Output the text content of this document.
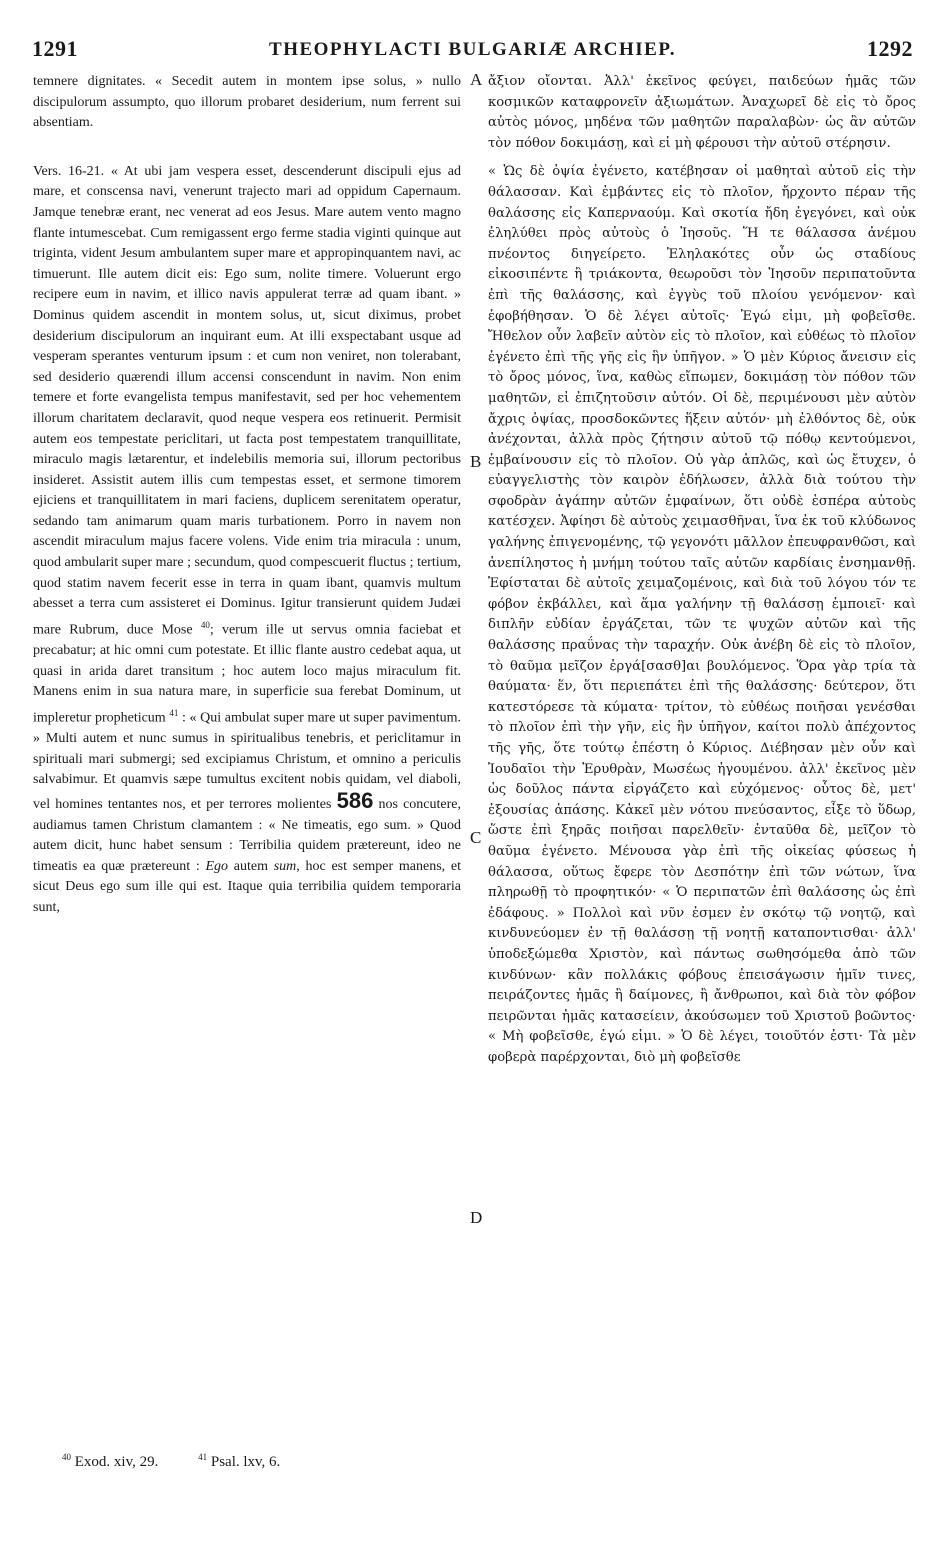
1291	THEOPHYLACTI BULGARIÆ ARCHIEP.	1292

temnere dignitates. « Secedit autem in montem ipse solus, » nullo discipulorum assumpto, quo illorum probaret desiderium, num ferrent sui absentiam.

Vers. 16-21. « At ubi jam vespera esset, descenderunt discipuli ejus ad mare, et conscensa navi, venerunt trajecto mari ad oppidum Capernaum. Jamque tenebræ erant, nec venerat ad eos Jesus. Mare autem vento magno flante intumescebat. Cum remigassent ergo ferme stadia viginti quinque aut triginta, vident Jesum ambulantem super mare et appropinquantem navi, ac timuerunt. Ille autem dicit eis: Ego sum, nolite timere. Voluerunt ergo recipere eum in navim, et illico navis appulerat terræ ad quam ibant. » Dominus quidem ascendit in montem solus, ut, sicut diximus, probet desiderium discipulorum an inquirant eum. At illi exspectabant usque ad vesperam sperantes venturum ipsum : et cum non veniret, non tolerabant, sed desiderio quærendi illum accensi conscendunt in navim. Non enim temere et forte evangelista tempus manifestavit, sed per hoc vehementem illorum charitatem declaravit, quod neque vespera eos retinuerit. Permisit autem eos tempestate periclitari, ut facta post tempestatem tranquillitate, miraculo magis lætarentur, et indelebilis memoria sui, illorum pectoribus insideret. Assistit autem illis cum tempestas esset, et sermone timorem ejiciens et tranquillitatem in mari faciens, duplicem serenitatem operatur, sedando tam animarum quam maris turbationem. Porro in navem non ascendit miraculum majus facere volens. Vide enim tria miracula : unum, quod ambularit super mare ; secundum, quod compescuerit fluctus ; tertium, quod statim navem fecerit esse in terra in quam ibant, quamvis multum abesset a terra cum assisteret ei Dominus. Igitur transierunt quidem Judæi mare Rubrum, duce Mose $^{40}$; verum ille ut servus omnia faciebat et precabatur; at hic omni cum potestate. Et illic flante austro cedebat aqua, ut quasi in arida daret transitum ; hoc autem loco majus miraculum fit. Manens enim in sua natura mare, in superficie sua ferebat Dominum, ut impleretur propheticum $^{41}$ : « Qui ambulat super mare ut super pavimentum. » Multi autem et nunc sumus in spiritualibus tenebris, et periclitamur in spirituali mari submergi; sed excipiamus Christum, et omnino a periculis salvabimur. Et quamvis sæpe tumultus excitent nobis quidam, vel diaboli, vel homines tentantes nos, et per terrores molientes 586 nos concutere, audiamus tamen Christum clamantem : « Ne timeatis, ego sum. » Quod autem dicit, hunc habet sensum : Terribilia quidem prætereunt, ideo ne timeatis ea quæ prætereunt : Ego autem sum, hoc est semper manens, et sicut Deus ego sum ille qui est. Itaque quia terribilia quidem temporaria sunt,

A
B
C
D

ἄξιον οἴονται. Ἀλλ' ἐκεῖνος φεύγει, παιδεύων ἡμᾶς τῶν κοσμικῶν καταφρονεῖν ἀξιωμάτων. Ἀναχωρεῖ δὲ εἰς τὸ ὄρος αὐτὸς μόνος, μηδένα τῶν μαθητῶν παραλαβὼν· ὡς ἂν αὐτῶν τὸν πόθον δοκιμάσῃ, καὶ εἰ μὴ φέρουσι τὴν αὐτοῦ στέρησιν.

« Ὡς δὲ ὀψία ἐγένετο, κατέβησαν οἱ μαθηταὶ αὐτοῦ εἰς τὴν θάλασσαν. Καὶ ἐμβάντες εἰς τὸ πλοῖον, ἤρχοντο πέραν τῆς θαλάσσης εἰς Καπερναούμ. Καὶ σκοτία ἤδη ἐγεγόνει, καὶ οὐκ ἐληλύθει πρὸς αὐτοὺς ὁ Ἰησοῦς. Ἥ τε θάλασσα ἀνέμου πνέοντος διηγείρετο. Ἐληλακότες οὖν ὡς σταδίους εἰκοσιπέντε ἢ τριάκοντα, θεωροῦσι τὸν Ἰησοῦν περιπατοῦντα ἐπὶ τῆς θαλάσσης, καὶ ἐγγὺς τοῦ πλοίου γενόμενον· καὶ ἐφοβήθησαν. Ὁ δὲ λέγει αὐτοῖς· Ἐγώ εἰμι, μὴ φοβεῖσθε. Ἤθελον οὖν λαβεῖν αὐτὸν εἰς τὸ πλοῖον, καὶ εὐθέως τὸ πλοῖον ἐγένετο ἐπὶ τῆς γῆς εἰς ἣν ὑπῆγον. » Ὁ μὲν Κύριος ἄνεισιν εἰς τὸ ὄρος μόνος, ἵνα, καθὼς εἴπωμεν, δοκιμάσῃ τὸν πόθον τῶν μαθητῶν, εἰ ἐπιζητοῦσιν αὐτόν. Οἱ δὲ, περιμένουσι μὲν αὐτὸν ἄχρις ὀψίας, προσδοκῶντες ἥξειν αὐτόν· μὴ ἐλθόντος δὲ, οὐκ ἀνέχονται, ἀλλὰ πρὸς ζήτησιν αὐτοῦ τῷ πόθῳ κεντούμενοι, ἐμβαίνουσιν εἰς τὸ πλοῖον. Οὐ γὰρ ἁπλῶς, καὶ ὡς ἔτυχεν, ὁ εὐαγγελιστὴς τὸν καιρὸν ἐδήλωσεν, ἀλλὰ διὰ τούτου τὴν σφοδρὰν ἀγάπην αὐτῶν ἐμφαίνων, ὅτι οὐδὲ ἑσπέρα αὐτοὺς κατέσχεν. Ἀφίησι δὲ αὐτοὺς χειμασθῆναι, ἵνα ἐκ τοῦ κλύδωνος γαλήνης ἐπιγενομένης, τῷ γεγονότι μᾶλλον ἐπευφρανθῶσι, καὶ ἀνεπίληστος ἡ μνήμη τούτου ταῖς αὐτῶν καρδίαις ἐνσημανθῇ. Ἐφίσταται δὲ αὐτοῖς χειμαζομένοις, καὶ διὰ τοῦ λόγου τόν τε φόβον ἐκβάλλει, καὶ ἅμα γαλήνην τῇ θαλάσσῃ ἐμποιεῖ· καὶ διπλῆν εὐδίαν ἐργάζεται, τῶν τε ψυχῶν αὐτῶν καὶ τῆς θαλάσσης πραΰνας τὴν ταραχήν. Οὐκ ἀνέβη δὲ εἰς τὸ πλοῖον, τὸ θαῦμα μεῖζον ἐργά[σασθ]αι βουλόμενος. Ὅρα γὰρ τρία τὰ θαύματα· ἕν, ὅτι περιεπάτει ἐπὶ τῆς θαλάσσης· δεύτερον, ὅτι κατεστόρεσε τὰ κύματα· τρίτον, τὸ εὐθέως ποιῆσαι γενέσθαι τὸ πλοῖον ἐπὶ τὴν γῆν, εἰς ἣν ὑπῆγον, καίτοι πολὺ ἀπέχοντος τῆς γῆς, ὅτε τούτῳ ἐπέστη ὁ Κύριος. Διέβησαν μὲν οὖν καὶ Ἰουδαῖοι τὴν Ἐρυθρὰν, Μωσέως ἡγουμένου. ἀλλ' ἐκεῖνος μὲν ὡς δοῦλος πάντα εἰργάζετο καὶ εὐχόμενος· οὗτος δὲ, μετ' ἐξουσίας ἁπάσης. Κἀκεῖ μὲν νότου πνεύσαντος, εἶξε τὸ ὕδωρ, ὥστε ἐπὶ ξηρᾶς ποιῆσαι παρελθεῖν· ἐνταῦθα δὲ, μεῖζον τὸ θαῦμα ἐγένετο. Μένουσα γὰρ ἐπὶ τῆς οἰκείας φύσεως ἡ θάλασσα, οὕτως ἔφερε τὸν Δεσπότην ἐπὶ τῶν νώτων, ἵνα πληρωθῇ τὸ προφητικόν· « Ὁ περιπατῶν ἐπὶ θαλάσσης ὡς ἐπὶ ἐδάφους. » Πολλοὶ καὶ νῦν ἐσμεν ἐν σκότῳ τῷ νοητῷ, καὶ κινδυνεύομεν ἐν τῇ θαλάσσῃ τῇ νοητῇ καταποντισθαι· ἀλλ' ὑποδεξώμεθα Χριστὸν, καὶ πάντως σωθησόμεθα ἀπὸ τῶν κινδύνων· κἂν πολλάκις φόβους ἐπεισάγωσιν ἡμῖν τινες, πειράζοντες ἡμᾶς ἢ δαίμονες, ἢ ἄνθρωποι, καὶ διὰ τὸν φόβον πειρῶνται ἡμᾶς κατασείειν, ἀκούσωμεν τοῦ Χριστοῦ βοῶντος· « Μὴ φοβεῖσθε, ἐγώ εἰμι. » Ὁ δὲ λέγει, τοιοῦτόν ἐστι· Τὰ μὲν φοβερὰ παρέρχονται, διὸ μὴ φοβεῖσθε

$^{40}$ Exod. xiv, 29.	$^{41}$ Psal. lxv, 6.
